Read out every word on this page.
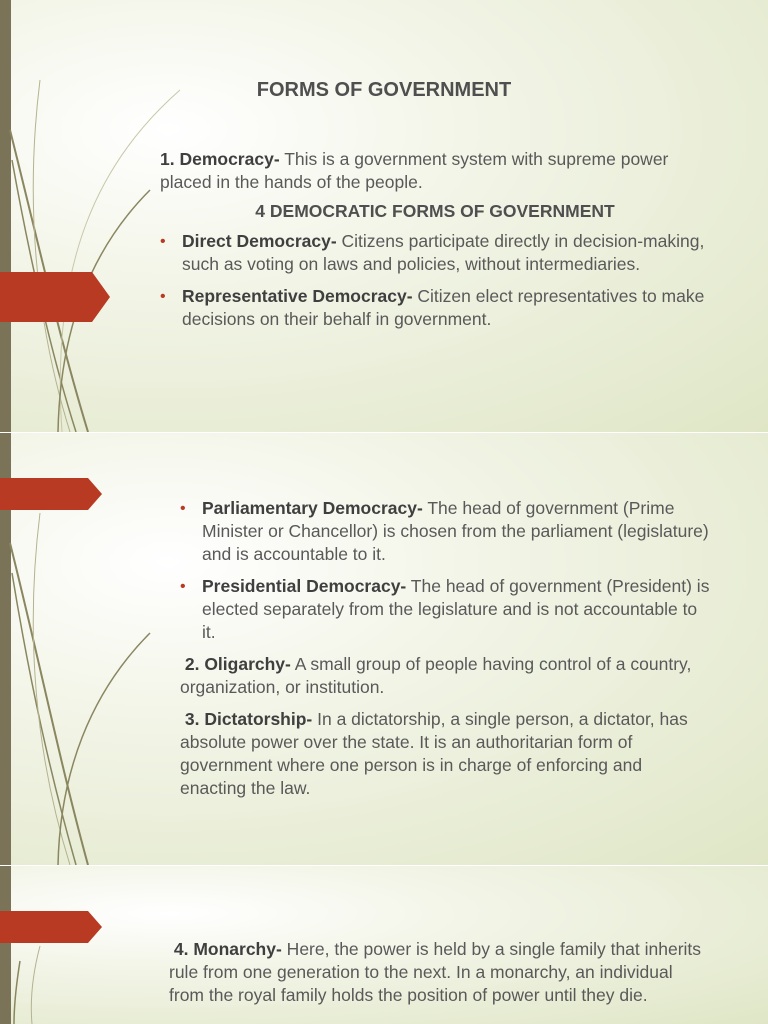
FORMS OF GOVERNMENT

1. Democracy- This is a government system with supreme power placed in the hands of the people.

4 DEMOCRATIC FORMS OF GOVERNMENT
• Direct Democracy- Citizens participate directly in decision-making, such as voting on laws and policies, without intermediaries.
• Representative Democracy- Citizen elect representatives to make decisions on their behalf in government.
• Parliamentary Democracy- The head of government (Prime Minister or Chancellor) is chosen from the parliament (legislature) and is accountable to it.
• Presidential Democracy- The head of government (President) is elected separately from the legislature and is not accountable to it.

2. Oligarchy- A small group of people having control of a country, organization, or institution.

3. Dictatorship- In a dictatorship, a single person, a dictator, has absolute power over the state. It is an authoritarian form of government where one person is in charge of enforcing and enacting the law.

4. Monarchy- Here, the power is held by a single family that inherits rule from one generation to the next. In a monarchy, an individual from the royal family holds the position of power until they die.
